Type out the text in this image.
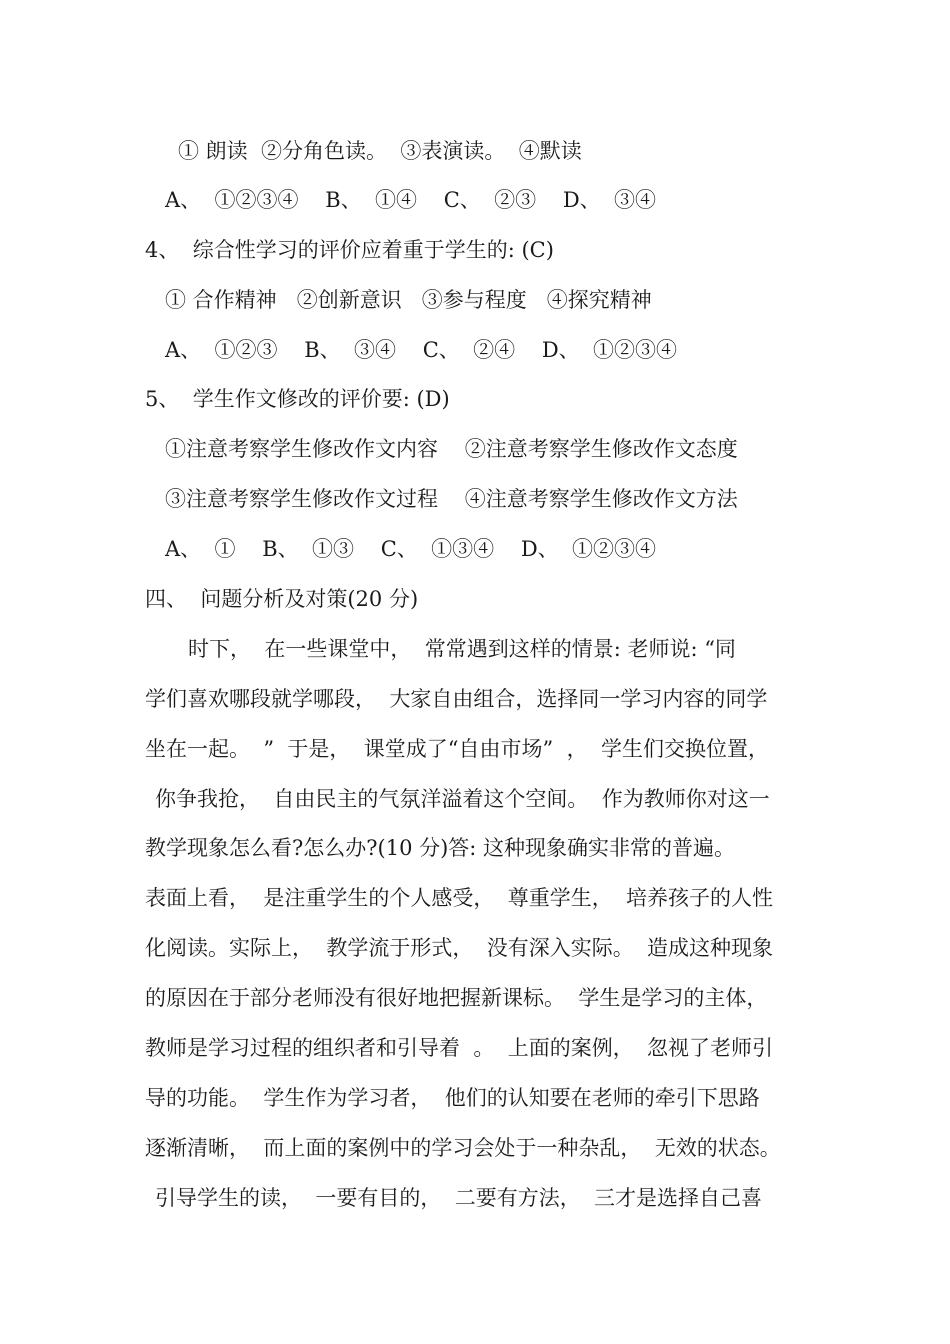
① 朗读  ②分角色读。  ③表演读。  ④默读
A、  ①②③④    B、  ①④    C、  ②③    D、  ③④
4、  综合性学习的评价应着重于学生的: (C)
① 合作精神   ②创新意识   ③参与程度   ④探究精神
A、  ①②③    B、  ③④    C、  ②④    D、  ①②③④
5、  学生作文修改的评价要: (D)
①注意考察学生修改作文内容    ②注意考察学生修改作文态度
③注意考察学生修改作文过程    ④注意考察学生修改作文方法
A、  ①    B、  ①③    C、  ①③④    D、  ①②③④
四、  问题分析及对策(20 分)
时下，  在一些课堂中，  常常遇到这样的情景: 老师说: “同
学们喜欢哪段就学哪段，  大家自由组合，选择同一学习内容的同学
坐在一起。  ”  于是，  课堂成了“自由市场”  ，  学生们交换位置，
你争我抢，  自由民主的气氛洋溢着这个空间。  作为教师你对这一
教学现象怎么看?怎么办?(10 分)答: 这种现象确实非常的普遍。
表面上看，  是注重学生的个人感受，  尊重学生，  培养孩子的人性
化阅读。实际上，  教学流于形式，  没有深入实际。  造成这种现象
的原因在于部分老师没有很好地把握新课标。  学生是学习的主体，
教师是学习过程的组织者和引导着  。  上面的案例，  忽视了老师引
导的功能。  学生作为学习者，  他们的认知要在老师的牵引下思路
逐渐清晰，  而上面的案例中的学习会处于一种杂乱，  无效的状态。
引导学生的读，  一要有目的，  二要有方法，  三才是选择自己喜
